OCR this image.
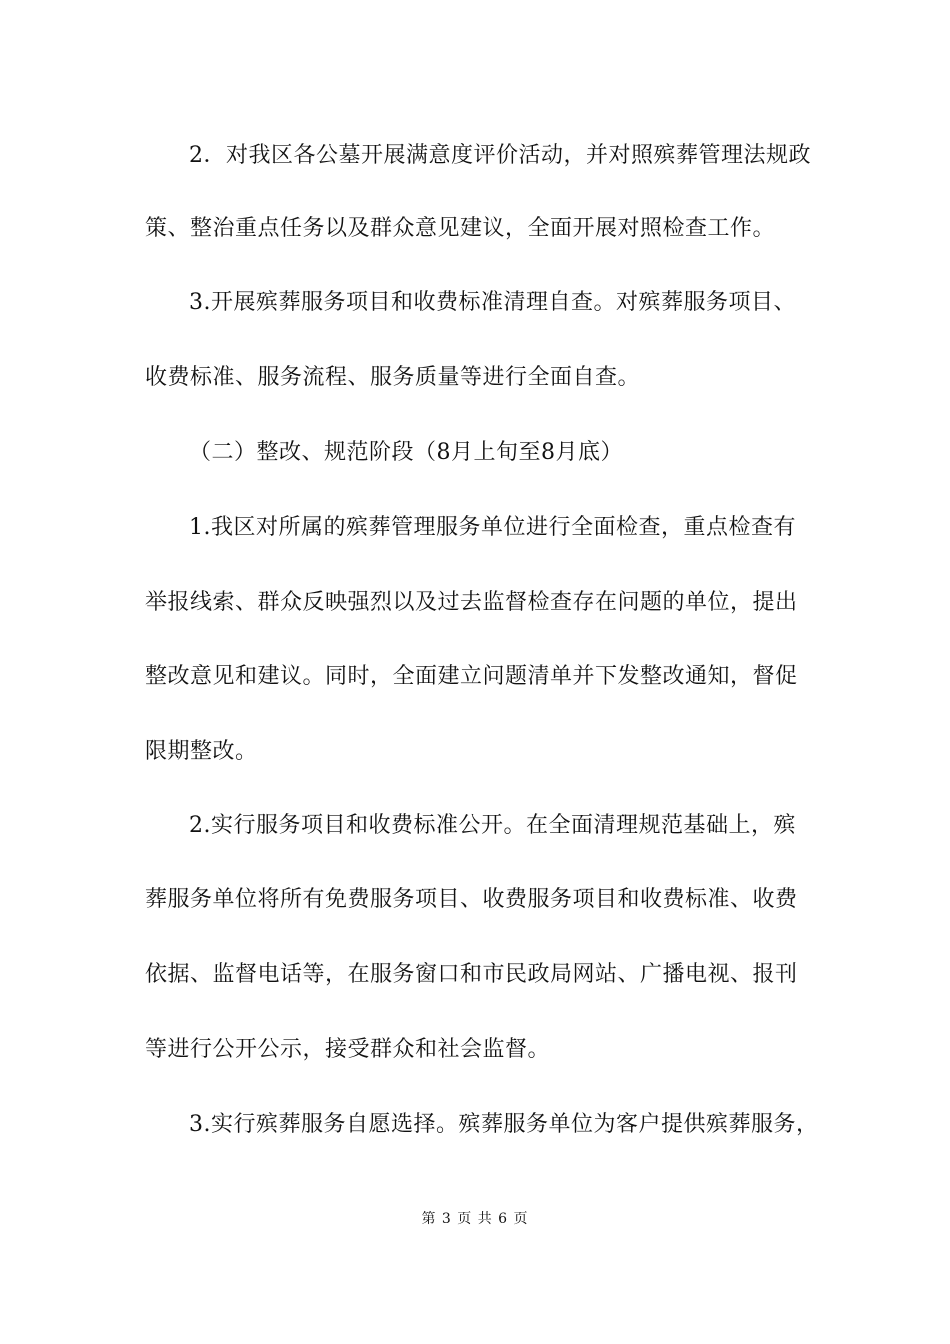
2．对我区各公墓开展满意度评价活动，并对照殡葬管理法规政
策、整治重点任务以及群众意见建议，全面开展对照检查工作。
3.开展殡葬服务项目和收费标准清理自查。对殡葬服务项目、
收费标准、服务流程、服务质量等进行全面自查。
（二）整改、规范阶段（8月上旬至8月底）
1.我区对所属的殡葬管理服务单位进行全面检查，重点检查有
举报线索、群众反映强烈以及过去监督检查存在问题的单位，提出
整改意见和建议。同时，全面建立问题清单并下发整改通知，督促
限期整改。
2.实行服务项目和收费标准公开。在全面清理规范基础上，殡
葬服务单位将所有免费服务项目、收费服务项目和收费标准、收费
依据、监督电话等，在服务窗口和市民政局网站、广播电视、报刊
等进行公开公示，接受群众和社会监督。
3.实行殡葬服务自愿选择。殡葬服务单位为客户提供殡葬服务，
第 3 页 共 6 页
